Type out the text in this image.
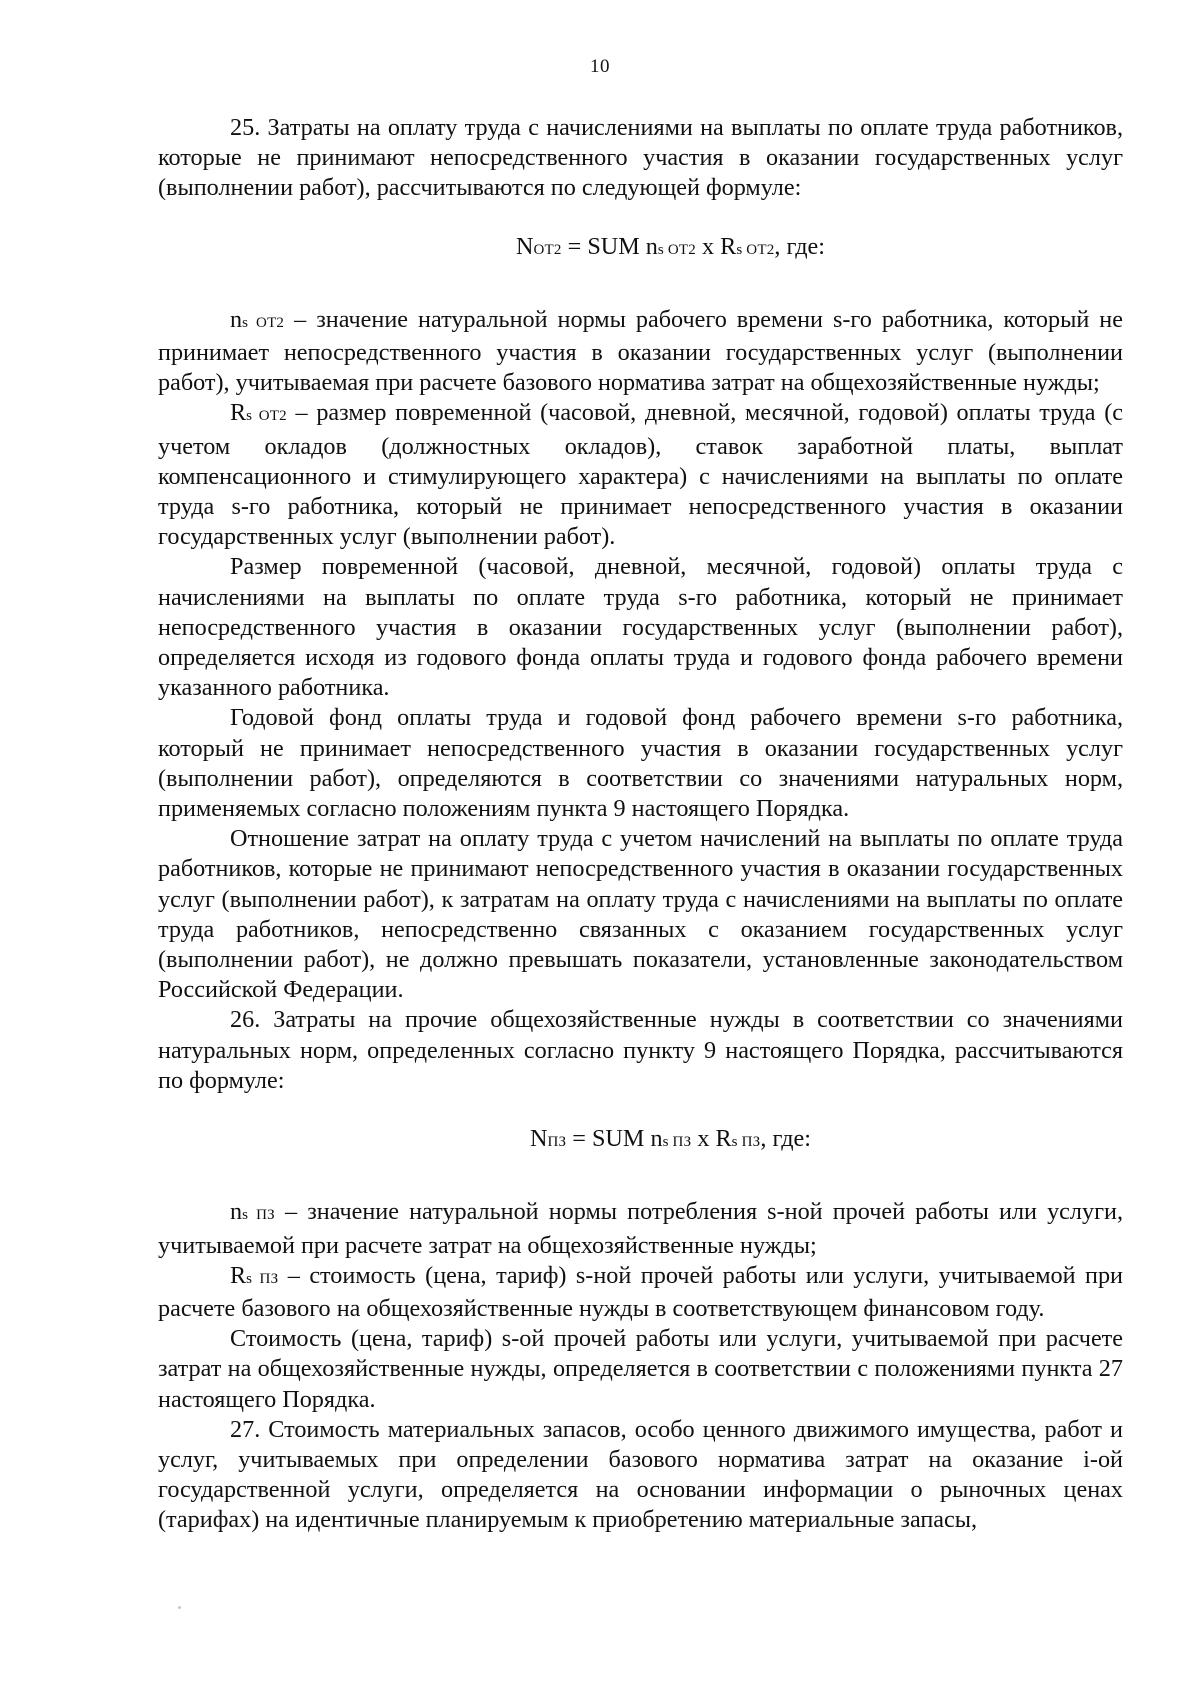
10

25. Затраты на оплату труда с начислениями на выплаты по оплате труда работников, которые не принимают непосредственного участия в оказании государственных услуг (выполнении работ), рассчитываются по следующей формуле:

NОТ2 = SUM ns ОТ2 x Rs ОТ2, где:

ns ОТ2 – значение натуральной нормы рабочего времени s-го работника, который не принимает непосредственного участия в оказании государственных услуг (выполнении работ), учитываемая при расчете базового норматива затрат на общехозяйственные нужды;

Rs ОТ2 – размер повременной (часовой, дневной, месячной, годовой) оплаты труда (с учетом окладов (должностных окладов), ставок заработной платы, выплат компенсационного и стимулирующего характера) с начислениями на выплаты по оплате труда s-го работника, который не принимает непосредственного участия в оказании государственных услуг (выполнении работ).

Размер повременной (часовой, дневной, месячной, годовой) оплаты труда с начислениями на выплаты по оплате труда s-го работника, который не принимает непосредственного участия в оказании государственных услуг (выполнении работ), определяется исходя из годового фонда оплаты труда и годового фонда рабочего времени указанного работника.

Годовой фонд оплаты труда и годовой фонд рабочего времени s-го работника, который не принимает непосредственного участия в оказании государственных услуг (выполнении работ), определяются в соответствии со значениями натуральных норм, применяемых согласно положениям пункта 9 настоящего Порядка.

Отношение затрат на оплату труда с учетом начислений на выплаты по оплате труда работников, которые не принимают непосредственного участия в оказании государственных услуг (выполнении работ), к затратам на оплату труда с начислениями на выплаты по оплате труда работников, непосредственно связанных с оказанием государственных услуг (выполнении работ), не должно превышать показатели, установленные законодательством Российской Федерации.

26. Затраты на прочие общехозяйственные нужды в соответствии со значениями натуральных норм, определенных согласно пункту 9 настоящего Порядка, рассчитываются по формуле:

NПЗ = SUM ns ПЗ x Rs ПЗ, где:

ns ПЗ – значение натуральной нормы потребления s-ной прочей работы или услуги, учитываемой при расчете затрат на общехозяйственные нужды;

Rs ПЗ – стоимость (цена, тариф) s-ной прочей работы или услуги, учитываемой при расчете базового на общехозяйственные нужды в соответствующем финансовом году.

Стоимость (цена, тариф) s-ой прочей работы или услуги, учитываемой при расчете затрат на общехозяйственные нужды, определяется в соответствии с положениями пункта 27 настоящего Порядка.

27. Стоимость материальных запасов, особо ценного движимого имущества, работ и услуг, учитываемых при определении базового норматива затрат на оказание i-ой государственной услуги, определяется на основании информации о рыночных ценах (тарифах) на идентичные планируемым к приобретению материальные запасы,
